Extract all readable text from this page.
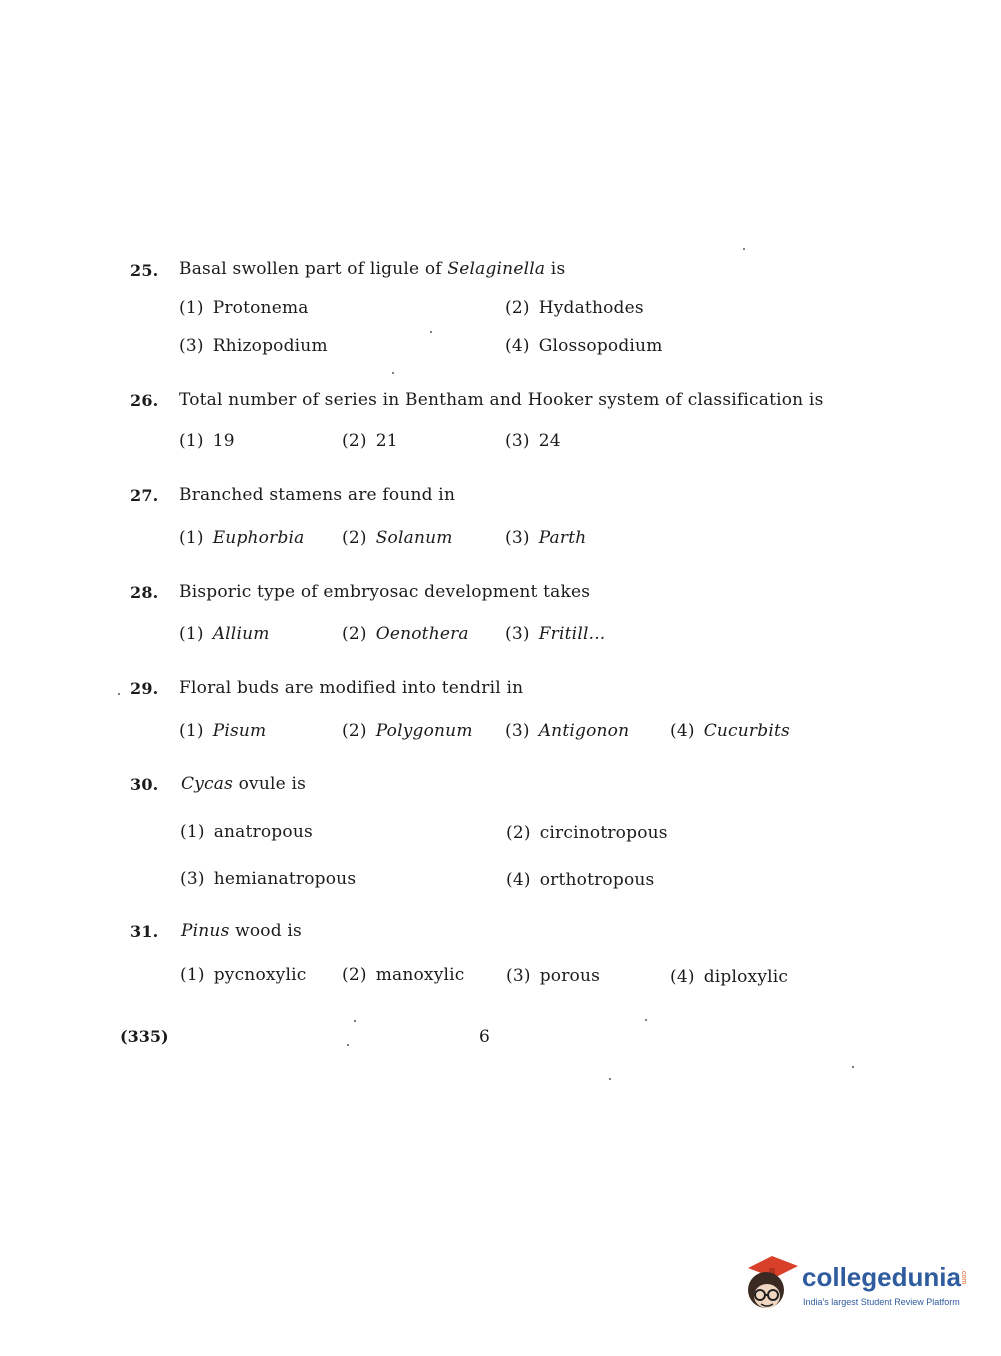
25. Basal swollen part of ligule of Selaginella is
(1) Protonema	(2) Hydathodes
(3) Rhizopodium	(4) Glossopodium
26. Total number of series in Bentham and Hooker system of classification is
(1) 19	(2) 21	(3) 24
27. Branched stamens are found in
(1) Euphorbia (2) Solanum	(3) Parth
28. Bisporic type of embryosac development takes
(1) Allium	(2) Oenothera (3) Fritill...
29. Floral buds are modified into tendril in
(1) Pisum	(2) Polygonum (3) Antigonon (4) Cucurbits
30. Cycas ovule is
(1) anatropous	(2) circinotropous
(3) hemianatropous	(4) orthotropous
31. Pinus wood is
(1) pycnoxylic (2) manoxylic (3) porous	(4) diploxylic
(335)	6
collegedunia .com
India's largest Student Review Platform
